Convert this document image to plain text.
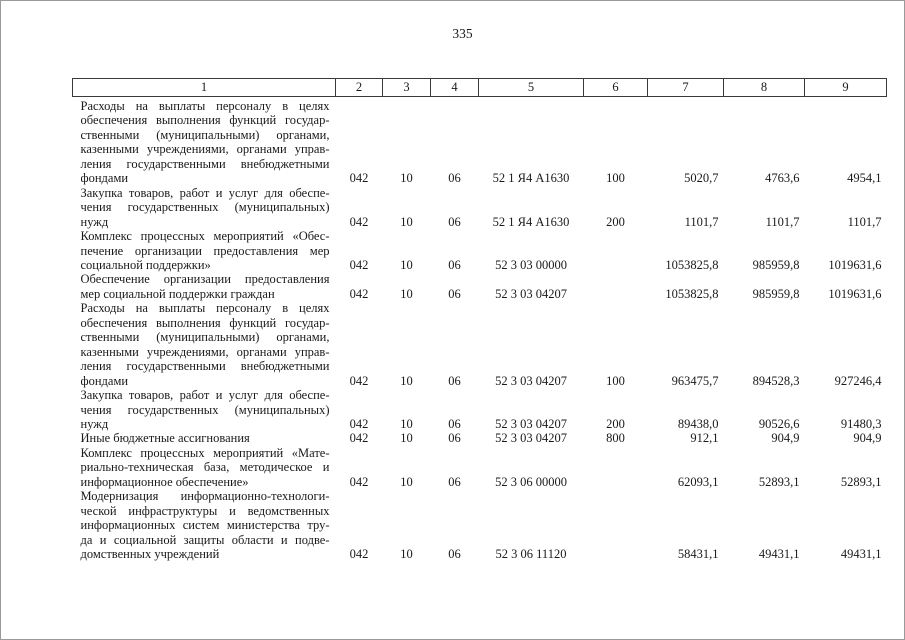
335
1	2	3	4	5	6	7	8	9

Расходы на выплаты персоналу в целях
обеспечения выполнения функций государ-
ственными (муниципальными) органами,
казенными учреждениями, органами управ-
ления государственными внебюджетными
фондами	042	10	06	52 1 Я4 А1630	100	5020,7	4763,6	4954,1

Закупка товаров, работ и услуг для обеспе-
чения государственных (муниципальных)
нужд	042	10	06	52 1 Я4 А1630	200	1101,7	1101,7	1101,7

Комплекс процессных мероприятий «Обес-
печение организации предоставления мер
социальной поддержки»	042	10	06	52 3 03 00000		1053825,8	985959,8	1019631,6

Обеспечение организации предоставления
мер социальной поддержки граждан	042	10	06	52 3 03 04207		1053825,8	985959,8	1019631,6

Расходы на выплаты персоналу в целях
обеспечения выполнения функций государ-
ственными (муниципальными) органами,
казенными учреждениями, органами управ-
ления государственными внебюджетными
фондами	042	10	06	52 3 03 04207	100	963475,7	894528,3	927246,4

Закупка товаров, работ и услуг для обеспе-
чения государственных (муниципальных)
нужд	042	10	06	52 3 03 04207	200	89438,0	90526,6	91480,3

Иные бюджетные ассигнования	042	10	06	52 3 03 04207	800	912,1	904,9	904,9

Комплекс процессных мероприятий «Мате-
риально-техническая база, методическое и
информационное обеспечение»	042	10	06	52 3 06 00000		62093,1	52893,1	52893,1

Модернизация информационно-технологи-
ческой инфраструктуры и ведомственных
информационных систем министерства тру-
да и социальной защиты области и подве-
домственных учреждений	042	10	06	52 3 06 11120		58431,1	49431,1	49431,1
